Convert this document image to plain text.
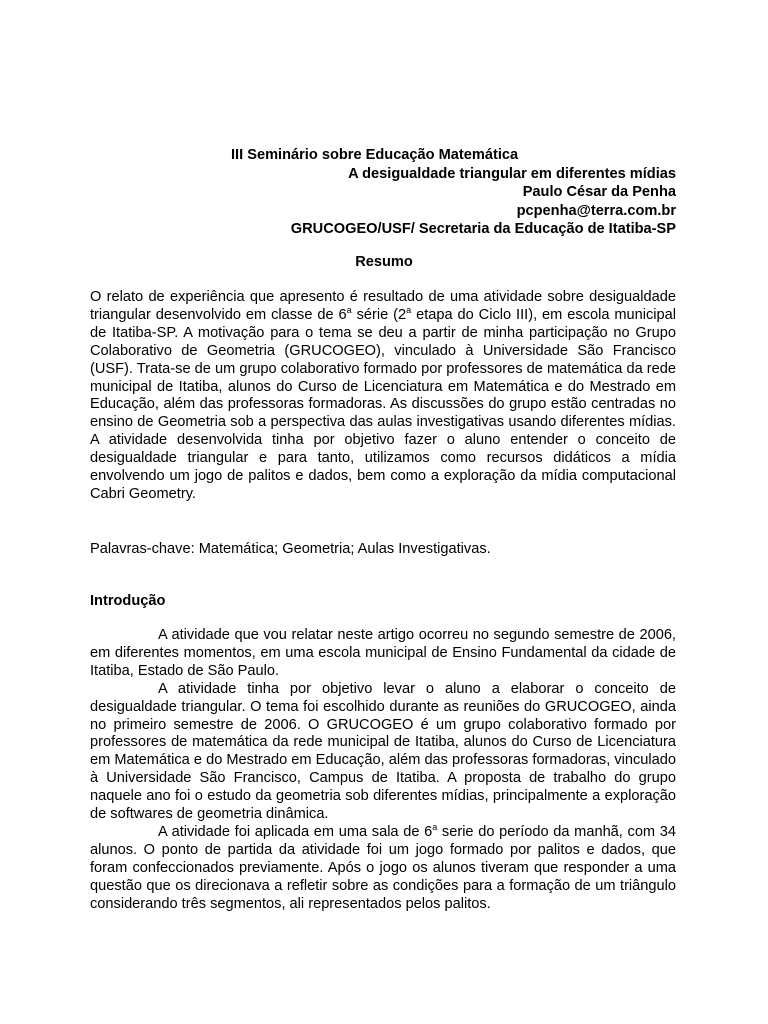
III Seminário sobre Educação Matemática
A desigualdade triangular em diferentes mídias
Paulo César da Penha
pcpenha@terra.com.br
GRUCOGEO/USF/ Secretaria da Educação de Itatiba-SP
Resumo

O relato de experiência que apresento é resultado de uma atividade sobre desigualdade triangular desenvolvido em classe de 6$^a$ série (2$^a$ etapa do Ciclo III), em escola municipal de Itatiba-SP. A motivação para o tema se deu a partir de minha participação no Grupo Colaborativo de Geometria (GRUCOGEO), vinculado à Universidade São Francisco (USF). Trata-se de um grupo colaborativo formado por professores de matemática da rede municipal de Itatiba, alunos do Curso de Licenciatura em Matemática e do Mestrado em Educação, além das professoras formadoras. As discussões do grupo estão centradas no ensino de Geometria sob a perspectiva das aulas investigativas usando diferentes mídias. A atividade desenvolvida tinha por objetivo fazer o aluno entender o conceito de desigualdade triangular e para tanto, utilizamos como recursos didáticos a mídia envolvendo um jogo de palitos e dados, bem como a exploração da mídia computacional Cabri Geometry.

Palavras-chave: Matemática; Geometria; Aulas Investigativas.
Introdução

A atividade que vou relatar neste artigo ocorreu no segundo semestre de 2006, em diferentes momentos, em uma escola municipal de Ensino Fundamental da cidade de Itatiba, Estado de São Paulo.

A atividade tinha por objetivo levar o aluno a elaborar o conceito de desigualdade triangular. O tema foi escolhido durante as reuniões do GRUCOGEO, ainda no primeiro semestre de 2006. O GRUCOGEO é um grupo colaborativo formado por professores de matemática da rede municipal de Itatiba, alunos do Curso de Licenciatura em Matemática e do Mestrado em Educação, além das professoras formadoras, vinculado à Universidade São Francisco, Campus de Itatiba. A proposta de trabalho do grupo naquele ano foi o estudo da geometria sob diferentes mídias, principalmente a exploração de softwares de geometria dinâmica.

A atividade foi aplicada em uma sala de 6$^a$ serie do período da manhã, com 34 alunos. O ponto de partida da atividade foi um jogo formado por palitos e dados, que foram confeccionados previamente. Após o jogo os alunos tiveram que responder a uma questão que os direcionava a refletir sobre as condições para a formação de um triângulo considerando três segmentos, ali representados pelos palitos.
